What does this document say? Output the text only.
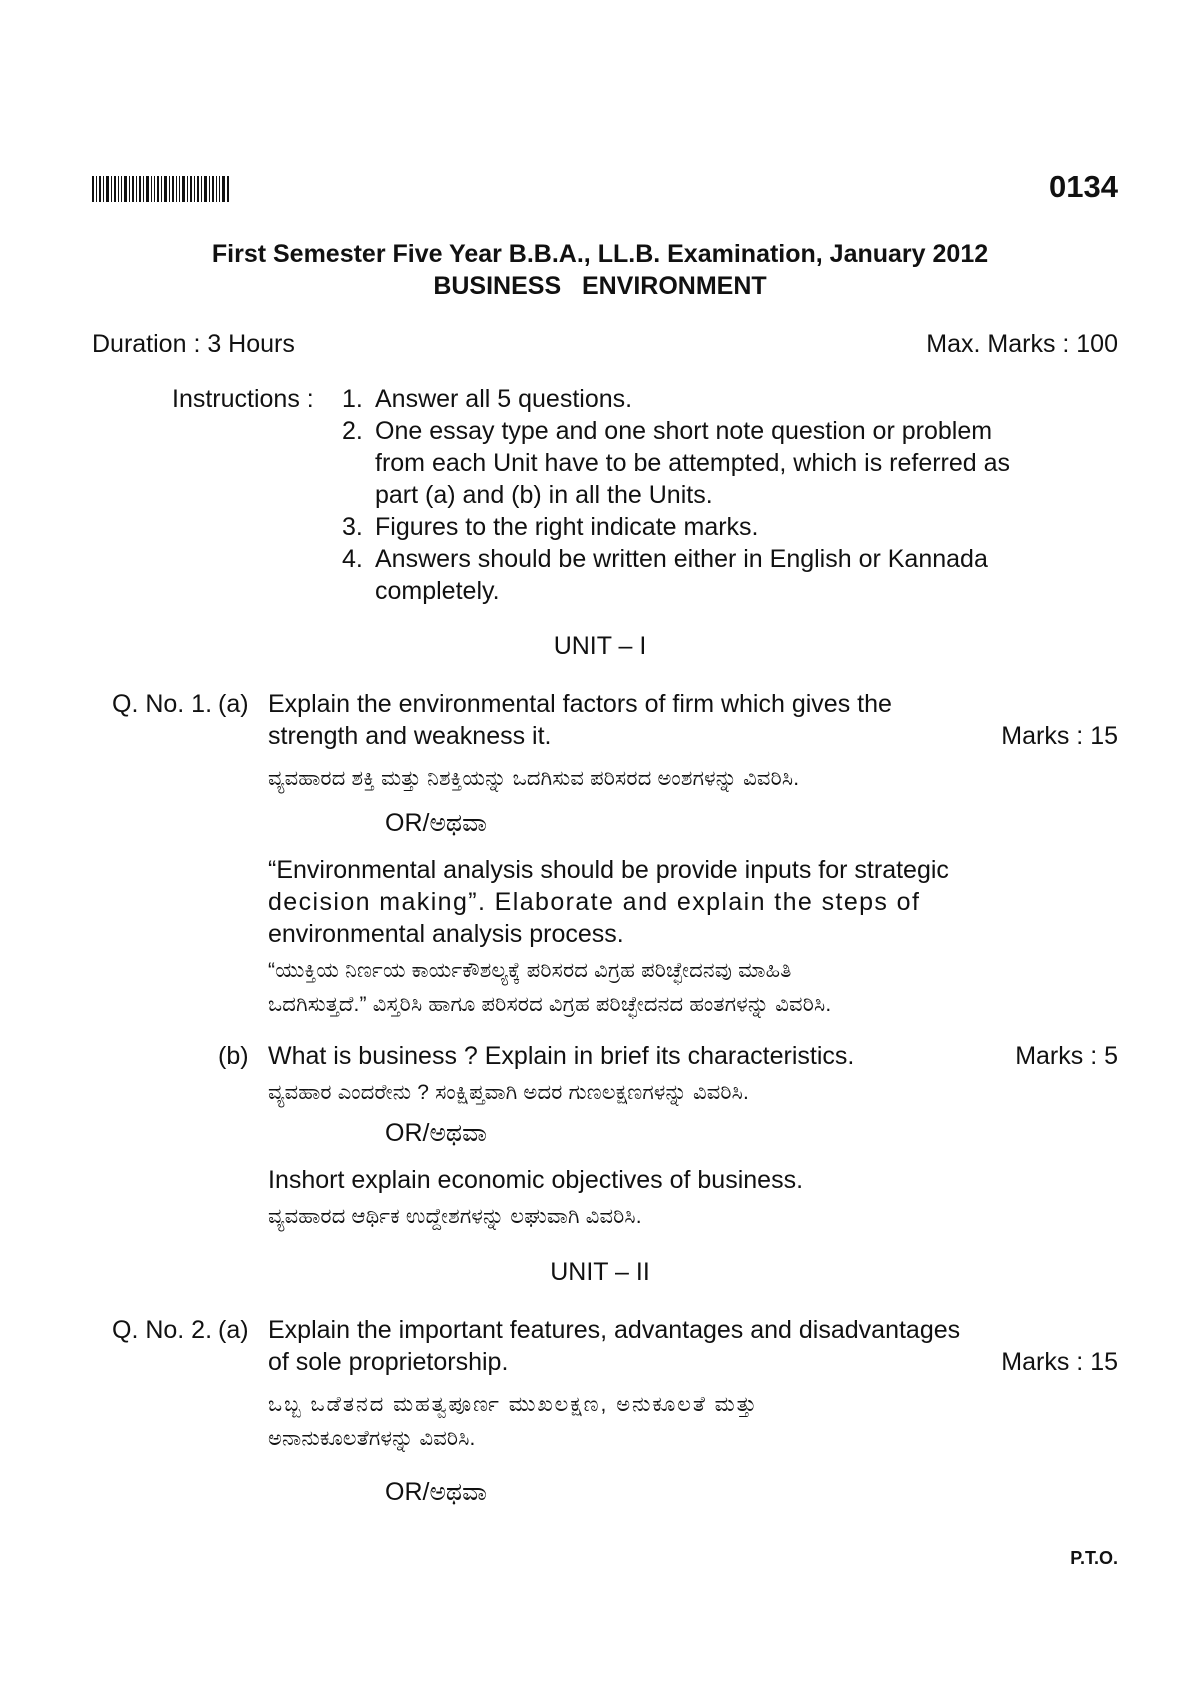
0134
First Semester Five Year B.B.A., LL.B. Examination, January 2012
BUSINESS   ENVIRONMENT
Duration : 3 Hours	Max. Marks : 100
Instructions : 1. Answer all 5 questions.
2. One essay type and one short note question or problem
from each Unit have to be attempted, which is referred as
part (a) and (b) in all the Units.
3. Figures to the right indicate marks.
4. Answers should be written either in English or Kannada
completely.
UNIT – I
Q. No. 1. (a) Explain the environmental factors of firm which gives the
strength and weakness it.	Marks : 15
ವ್ಯವಹಾರದ ಶಕ್ತಿ ಮತ್ತು ನಿಶಕ್ತಿಯನ್ನು ಒದಗಿಸುವ ಪರಿಸರದ ಅಂಶಗಳನ್ನು ವಿವರಿಸಿ.
OR/ಅಥವಾ
“Environmental analysis should be provide inputs for strategic
decision making”. Elaborate and explain the steps of
environmental analysis process.
“ಯುಕ್ತಿಯ ನಿರ್ಣಯ ಕಾರ್ಯಕೌಶಲ್ಯಕ್ಕೆ ಪರಿಸರದ ವಿಗ್ರಹ ಪರಿಚ್ಛೇದನವು ಮಾಹಿತಿ
ಒದಗಿಸುತ್ತದೆ.” ವಿಸ್ತರಿಸಿ ಹಾಗೂ ಪರಿಸರದ ವಿಗ್ರಹ ಪರಿಚ್ಛೇದನದ ಹಂತಗಳನ್ನು ವಿವರಿಸಿ.
(b) What is business ? Explain in brief its characteristics.	Marks : 5
ವ್ಯವಹಾರ ಎಂದರೇನು ? ಸಂಕ್ಷಿಪ್ತವಾಗಿ ಅದರ ಗುಣಲಕ್ಷಣಗಳನ್ನು ವಿವರಿಸಿ.
OR/ಅಥವಾ
Inshort explain economic objectives of business.
ವ್ಯವಹಾರದ ಆರ್ಥಿಕ ಉದ್ದೇಶಗಳನ್ನು ಲಘುವಾಗಿ ವಿವರಿಸಿ.
UNIT – II
Q. No. 2. (a) Explain the important features, advantages and disadvantages
of sole proprietorship.	Marks : 15
ಒಬ್ಬ ಒಡೆತನದ ಮಹತ್ವಪೂರ್ಣ ಮುಖಲಕ್ಷಣ, ಅನುಕೂಲತೆ ಮತ್ತು
ಅನಾನುಕೂಲತೆಗಳನ್ನು ವಿವರಿಸಿ.
OR/ಅಥವಾ
P.T.O.
